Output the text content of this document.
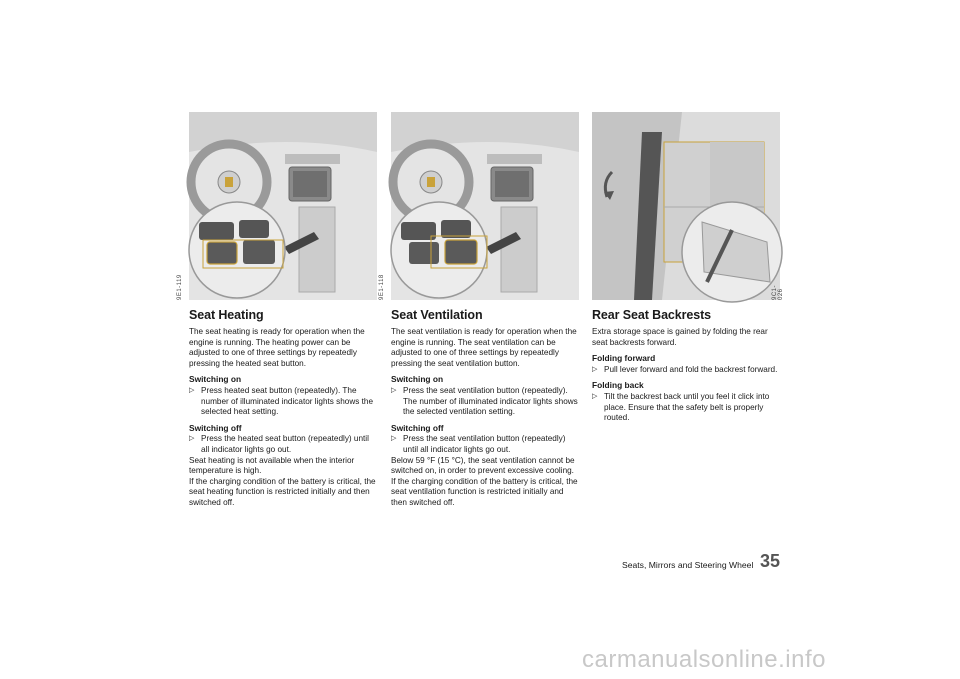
9E1-119
Seat Heating

The seat heating is ready for operation when the engine is running. The heating power can be adjusted to one of three settings by repeatedly pressing the heated seat button.

Switching on

▷ Press heated seat button (repeatedly). The number of illuminated indicator lights shows the selected heat setting.

Switching off

▷ Press the heated seat button (repeatedly) until all indicator lights go out.

Seat heating is not available when the interior temperature is high.

If the charging condition of the battery is critical, the seat heating function is restricted initially and then switched off.

9E1-118
Seat Ventilation

The seat ventilation is ready for operation when the engine is running. The seat ventilation can be adjusted to one of three settings by repeatedly pressing the seat ventilation button.

Switching on

▷ Press the seat ventilation button (repeatedly). The number of illuminated indicator lights shows the selected ventilation setting.

Switching off

▷ Press the seat ventilation button (repeatedly) until all indicator lights go out.

Below 59 °F (15 °C), the seat ventilation cannot be switched on, in order to prevent excessive cooling.

If the charging condition of the battery is critical, the seat ventilation function is restricted initially and then switched off.

9C1-026
Rear Seat Backrests

Extra storage space is gained by folding the rear seat backrests forward.

Folding forward

▷ Pull lever forward and fold the backrest forward.

Folding back

▷ Tilt the backrest back until you feel it click into place. Ensure that the safety belt is properly routed.
Seats, Mirrors and Steering Wheel 35
carmanualsonline.info
